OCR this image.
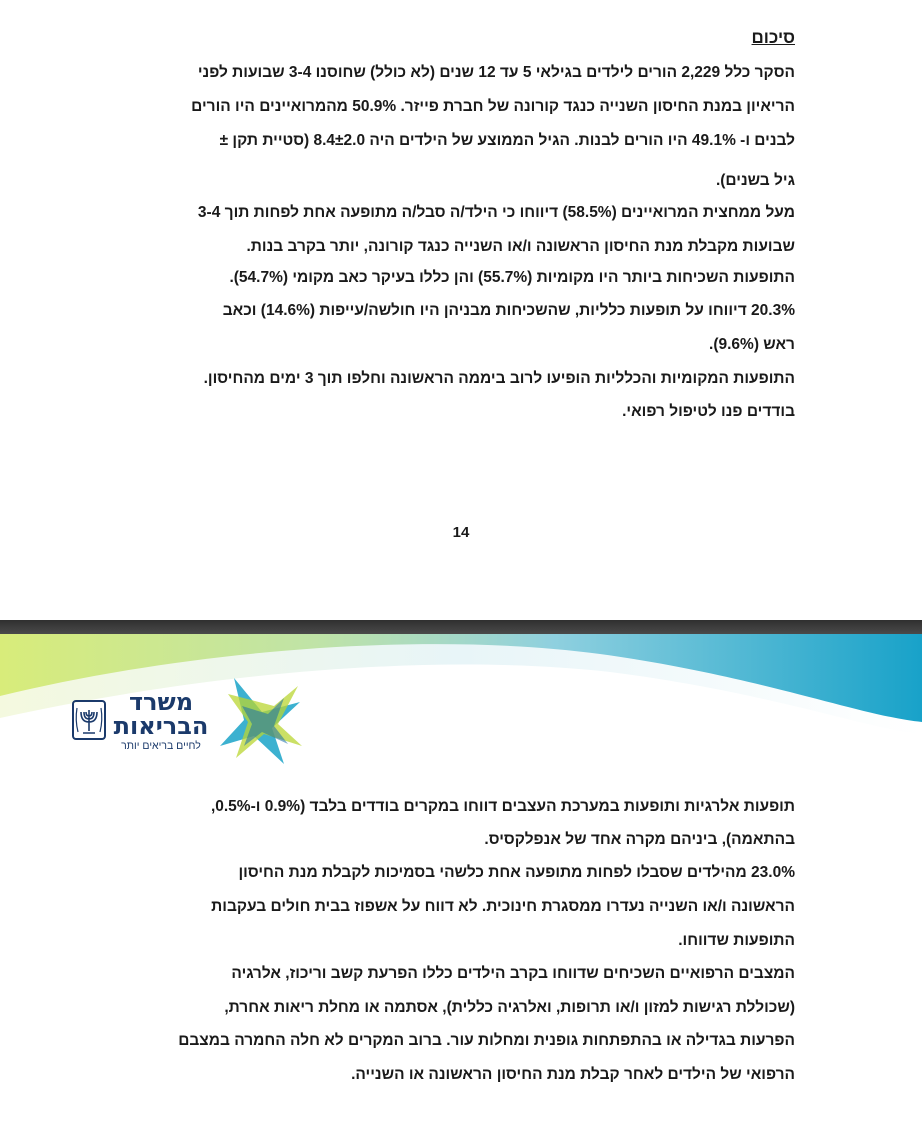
סיכום
הסקר כלל 2,229 הורים לילדים בגילאי 5 עד 12 שנים (לא כולל) שחוסנו 3-4 שבועות לפני
הריאיון במנת החיסון השנייה כנגד קורונה של חברת פייזר. 50.9% מהמרואיינים היו הורים
לבנים ו- 49.1% היו הורים לבנות. הגיל הממוצע של הילדים היה 8.4±2.0 (סטיית תקן ±
גיל בשנים).
מעל ממחצית המרואיינים (58.5%) דיווחו כי הילד/ה סבל/ה מתופעה אחת לפחות תוך 3-4
שבועות מקבלת מנת החיסון הראשונה ו/או השנייה כנגד קורונה, יותר בקרב בנות.
התופעות השכיחות ביותר היו מקומיות (55.7%) והן כללו בעיקר כאב מקומי (54.7%).
20.3% דיווחו על תופעות כלליות, שהשכיחות מבניהן היו חולשה/עייפות (14.6%) וכאב
ראש (9.6%).
התופעות המקומיות והכלליות הופיעו לרוב ביממה הראשונה וחלפו תוך 3 ימים מהחיסון.
בודדים פנו לטיפול רפואי.
14
משרד
הבריאות
לחיים בריאים יותר
תופעות אלרגיות ותופעות במערכת העצבים דווחו במקרים בודדים בלבד (0.9% ו-0.5%,
בהתאמה), ביניהם מקרה אחד של אנפלקסיס.
23.0% מהילדים שסבלו לפחות מתופעה אחת כלשהי בסמיכות לקבלת מנת החיסון
הראשונה ו/או השנייה נעדרו ממסגרת חינוכית. לא דווח על אשפוז בבית חולים בעקבות
התופעות שדווחו.
המצבים הרפואיים השכיחים שדווחו בקרב הילדים כללו הפרעת קשב וריכוז, אלרגיה
(שכוללת רגישות למזון ו/או תרופות, ואלרגיה כללית), אסתמה או מחלת ריאות אחרת,
הפרעות בגדילה או בהתפתחות גופנית ומחלות עור. ברוב המקרים לא חלה החמרה במצבם
הרפואי של הילדים לאחר קבלת מנת החיסון הראשונה או השנייה.
